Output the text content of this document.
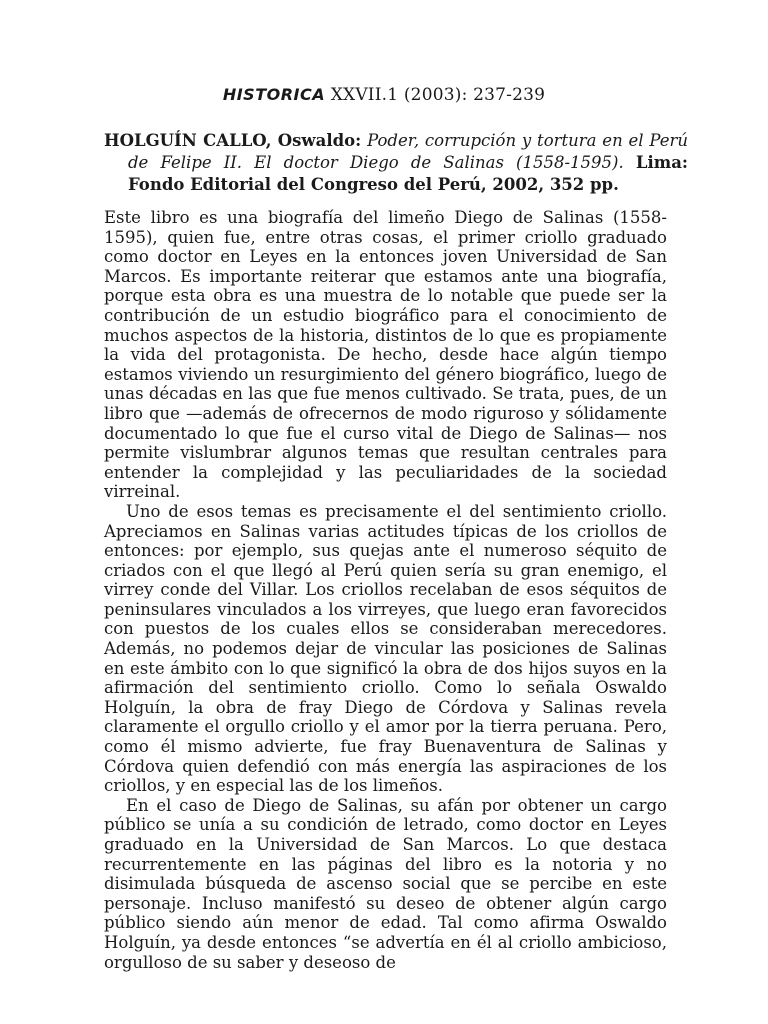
HISTORICA XXVII.1 (2003): 237-239
HOLGUÍN CALLO, Oswaldo: Poder, corrupción y tortura en el Perú de Felipe II. El doctor Diego de Salinas (1558-1595). Lima: Fondo Editorial del Congreso del Perú, 2002, 352 pp.

Este libro es una biografía del limeño Diego de Salinas (1558-1595), quien fue, entre otras cosas, el primer criollo graduado como doctor en Leyes en la entonces joven Universidad de San Marcos. Es importante reiterar que estamos ante una biografía, porque esta obra es una muestra de lo notable que puede ser la contribución de un estudio biográfico para el conocimiento de muchos aspectos de la historia, distintos de lo que es propiamente la vida del protagonista. De hecho, desde hace algún tiempo estamos viviendo un resurgimiento del género biográfico, luego de unas décadas en las que fue menos cultivado. Se trata, pues, de un libro que —además de ofrecernos de modo riguroso y sólidamente documentado lo que fue el curso vital de Diego de Salinas— nos permite vislumbrar algunos temas que resultan centrales para entender la complejidad y las peculiaridades de la sociedad virreinal.

Uno de esos temas es precisamente el del sentimiento criollo. Apreciamos en Salinas varias actitudes típicas de los criollos de entonces: por ejemplo, sus quejas ante el numeroso séquito de criados con el que llegó al Perú quien sería su gran enemigo, el virrey conde del Villar. Los criollos recelaban de esos séquitos de peninsulares vinculados a los virreyes, que luego eran favorecidos con puestos de los cuales ellos se consideraban merecedores. Además, no podemos dejar de vincular las posiciones de Salinas en este ámbito con lo que significó la obra de dos hijos suyos en la afirmación del sentimiento criollo. Como lo señala Oswaldo Holguín, la obra de fray Diego de Córdova y Salinas revela claramente el orgullo criollo y el amor por la tierra peruana. Pero, como él mismo advierte, fue fray Buenaventura de Salinas y Córdova quien defendió con más energía las aspiraciones de los criollos, y en especial las de los limeños.

En el caso de Diego de Salinas, su afán por obtener un cargo público se unía a su condición de letrado, como doctor en Leyes graduado en la Universidad de San Marcos. Lo que destaca recurrentemente en las páginas del libro es la notoria y no disimulada búsqueda de ascenso social que se percibe en este personaje. Incluso manifestó su deseo de obtener algún cargo público siendo aún menor de edad. Tal como afirma Oswaldo Holguín, ya desde entonces “se advertía en él al criollo ambicioso, orgulloso de su saber y deseoso de
